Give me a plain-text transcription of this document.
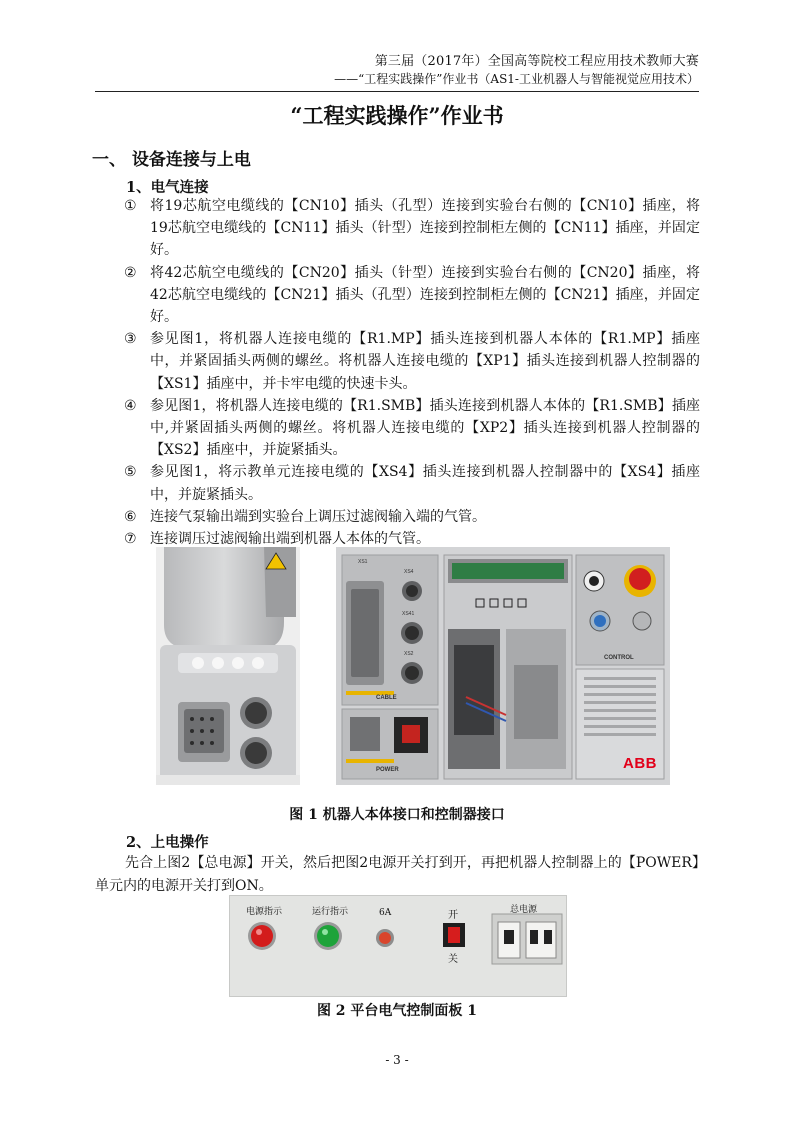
第三届（2017年）全国高等院校工程应用技术教师大赛
——“工程实践操作”作业书（AS1-工业机器人与智能视觉应用技术）
“工程实践操作”作业书
一、 设备连接与上电
1、电气连接
① 将19芯航空电缆线的【CN10】插头（孔型）连接到实验台右侧的【CN10】插座，将19芯航空电缆线的【CN11】插头（针型）连接到控制柜左侧的【CN11】插座，并固定好。
② 将42芯航空电缆线的【CN20】插头（针型）连接到实验台右侧的【CN20】插座，将42芯航空电缆线的【CN21】插头（孔型）连接到控制柜左侧的【CN21】插座，并固定好。
③ 参见图1，将机器人连接电缆的【R1.MP】插头连接到机器人本体的【R1.MP】插座中，并紧固插头两侧的螺丝。将机器人连接电缆的【XP1】插头连接到机器人控制器的【XS1】插座中，并卡牢电缆的快速卡头。
④ 参见图1，将机器人连接电缆的【R1.SMB】插头连接到机器人本体的【R1.SMB】插座中,并紧固插头两侧的螺丝。将机器人连接电缆的【XP2】插头连接到机器人控制器的【XS2】插座中，并旋紧插头。
⑤ 参见图1，将示教单元连接电缆的【XS4】插头连接到机器人控制器中的【XS4】插座中，并旋紧插头。
⑥ 连接气泵输出端到实验台上调压过滤阀输入端的气管。
⑦ 连接调压过滤阀输出端到机器人本体的气管。
XS1
XS4
XS41
XS2
CABLE
POWER
CONTROL
ABB
图 1 机器人本体接口和控制器接口
2、上电操作
先合上图2【总电源】开关，然后把图2电源开关打到开，再把机器人控制器上的【POWER】单元内的电源开关打到ON。
电源指示	运行指示	6A	开
关
总电源
图 2 平台电气控制面板 1
- 3 -
